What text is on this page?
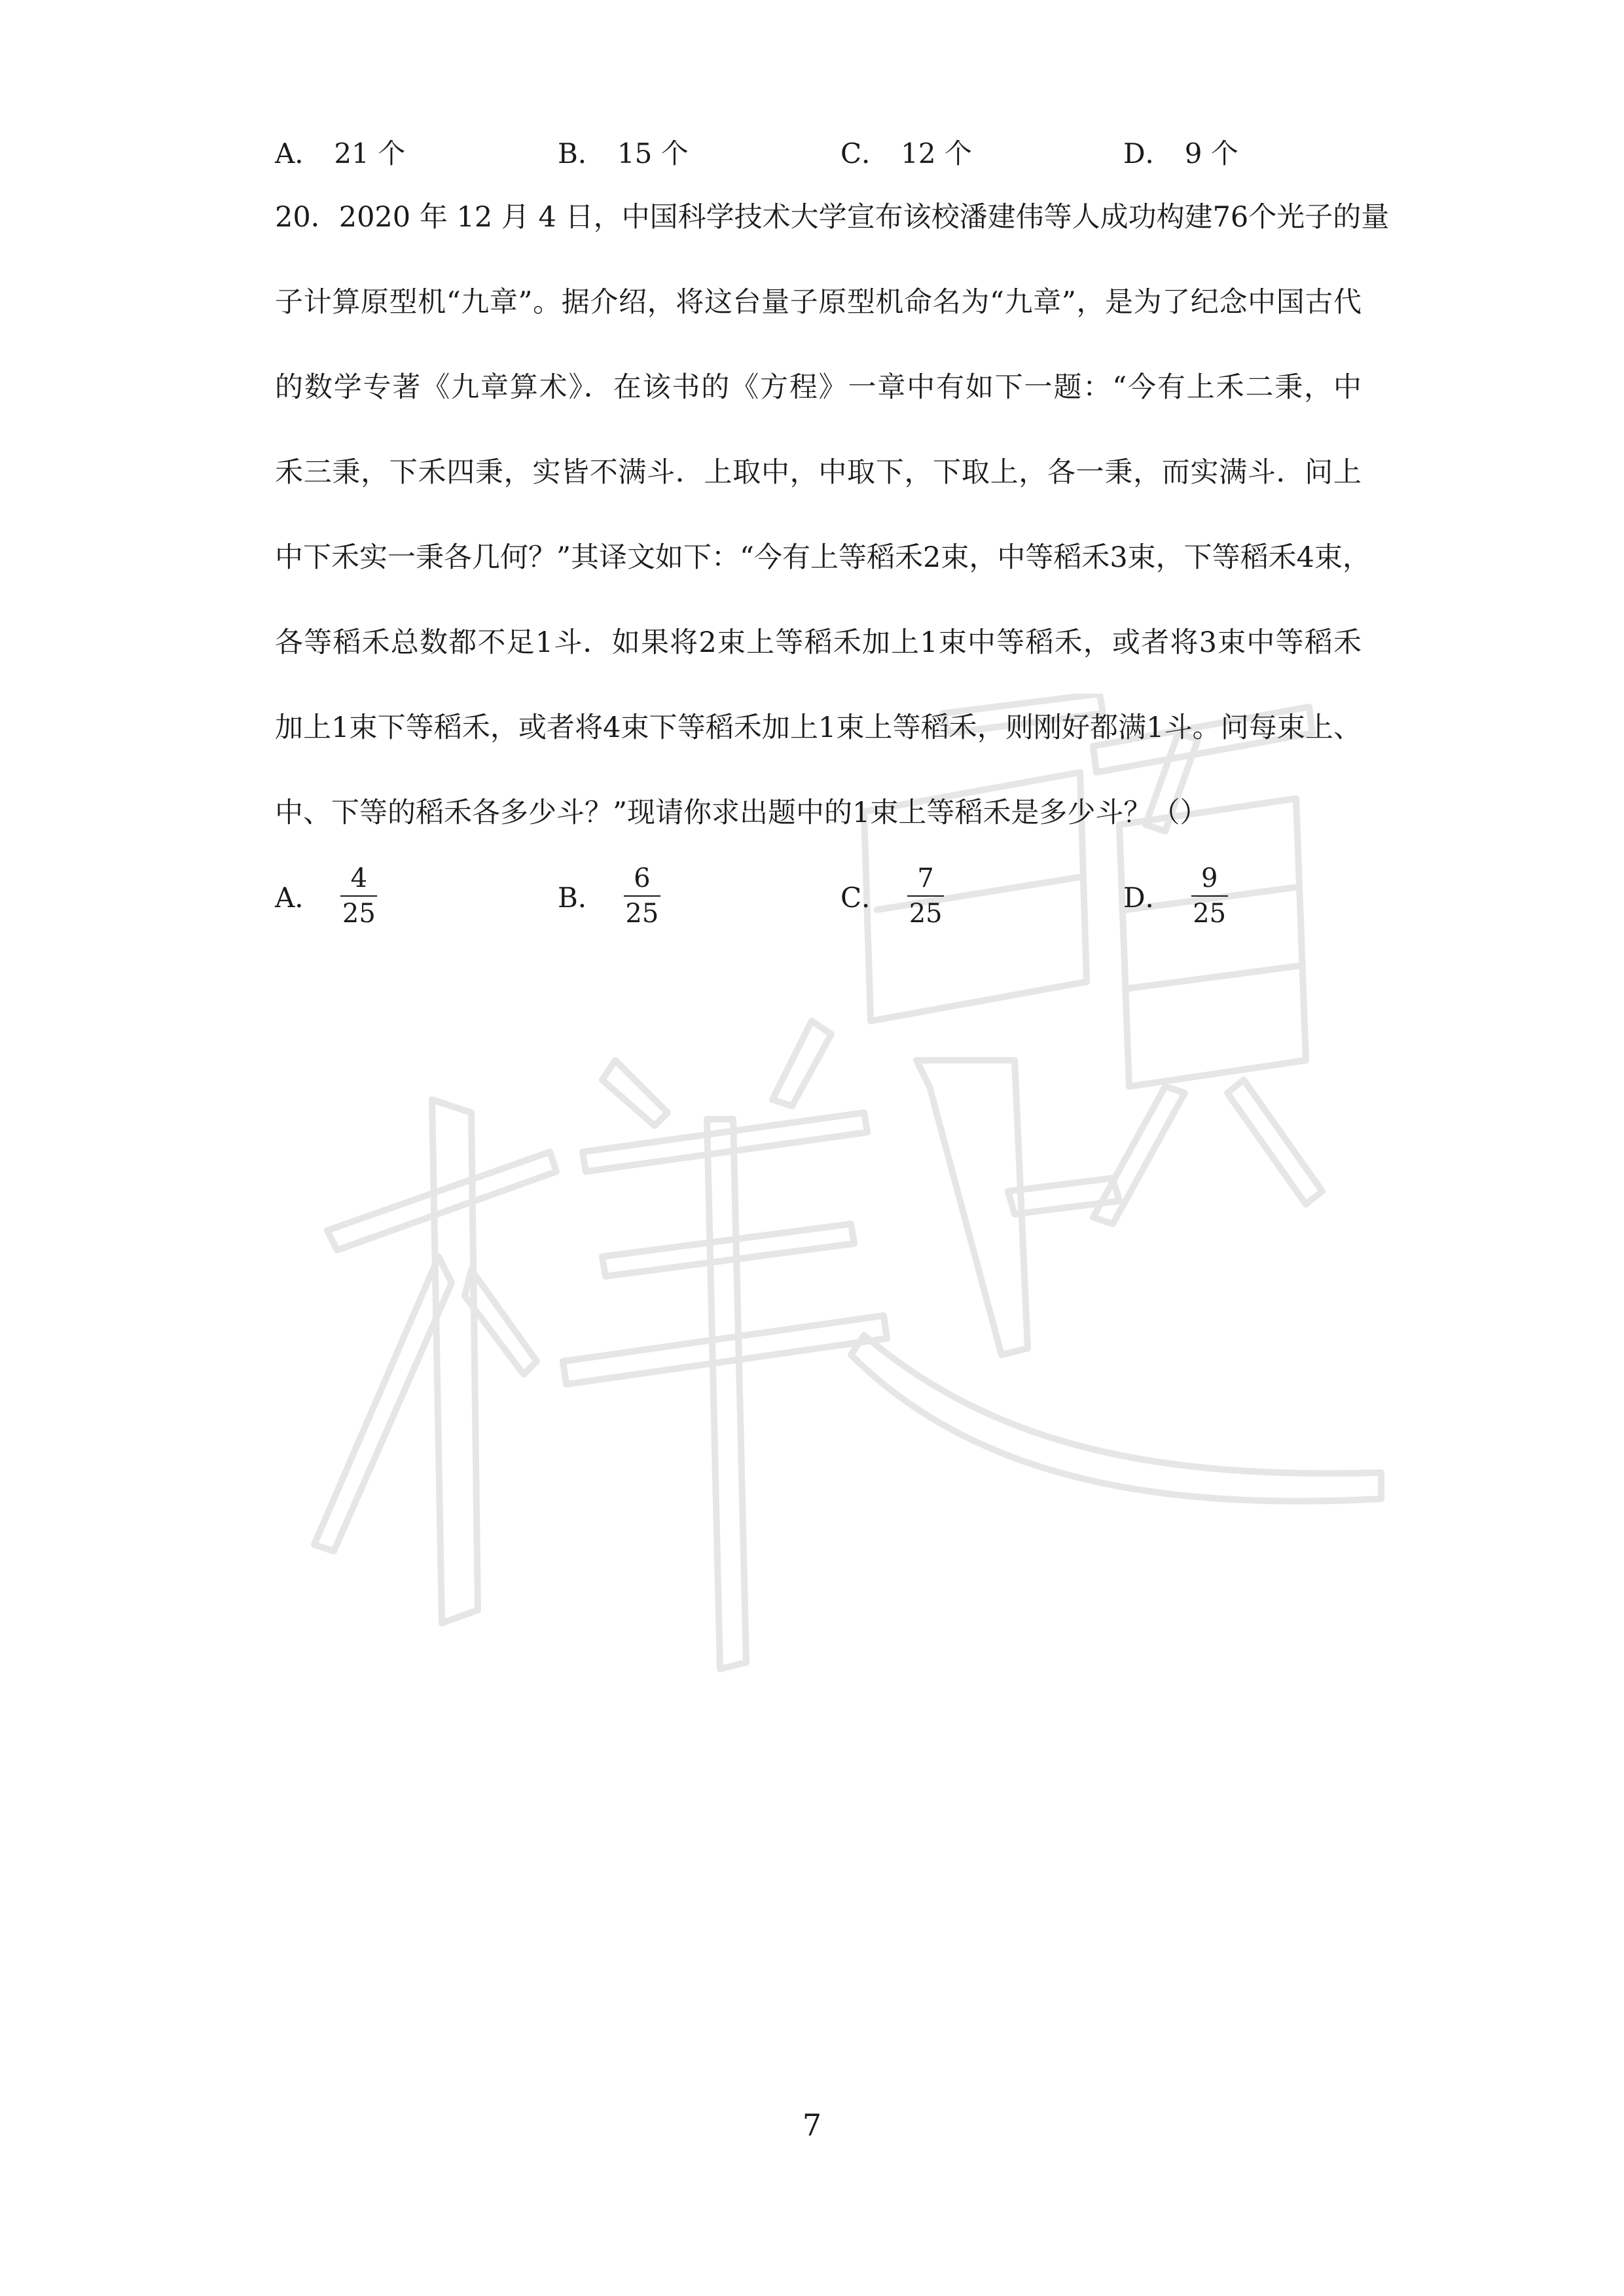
A． 21 个	B． 15 个	C． 12 个	D． 9 个
20．2020 年 12 月 4 日，中国科学技术大学宣布该校潘建伟等人成功构建76个光子的量
子计算原型机“九章”。据介绍，将这台量子原型机命名为“九章”，是为了纪念中国古代
的数学专著《九章算术》．在该书的《方程》一章中有如下一题：“今有上禾二秉，中
禾三秉，下禾四秉，实皆不满斗．上取中，中取下，下取上，各一秉，而实满斗．问上
中下禾实一秉各几何？”其译文如下：“今有上等稻禾2束，中等稻禾3束，下等稻禾4束，
各等稻禾总数都不足1斗．如果将2束上等稻禾加上1束中等稻禾，或者将3束中等稻禾
加上1束下等稻禾，或者将4束下等稻禾加上1束上等稻禾，则刚好都满1斗。问每束上、
中、下等的稻禾各多少斗？”现请你求出题中的1束上等稻禾是多少斗？（）
A． $\frac{4}{25}$	B． $\frac{6}{25}$	C． $\frac{7}{25}$	D． $\frac{9}{25}$
7
